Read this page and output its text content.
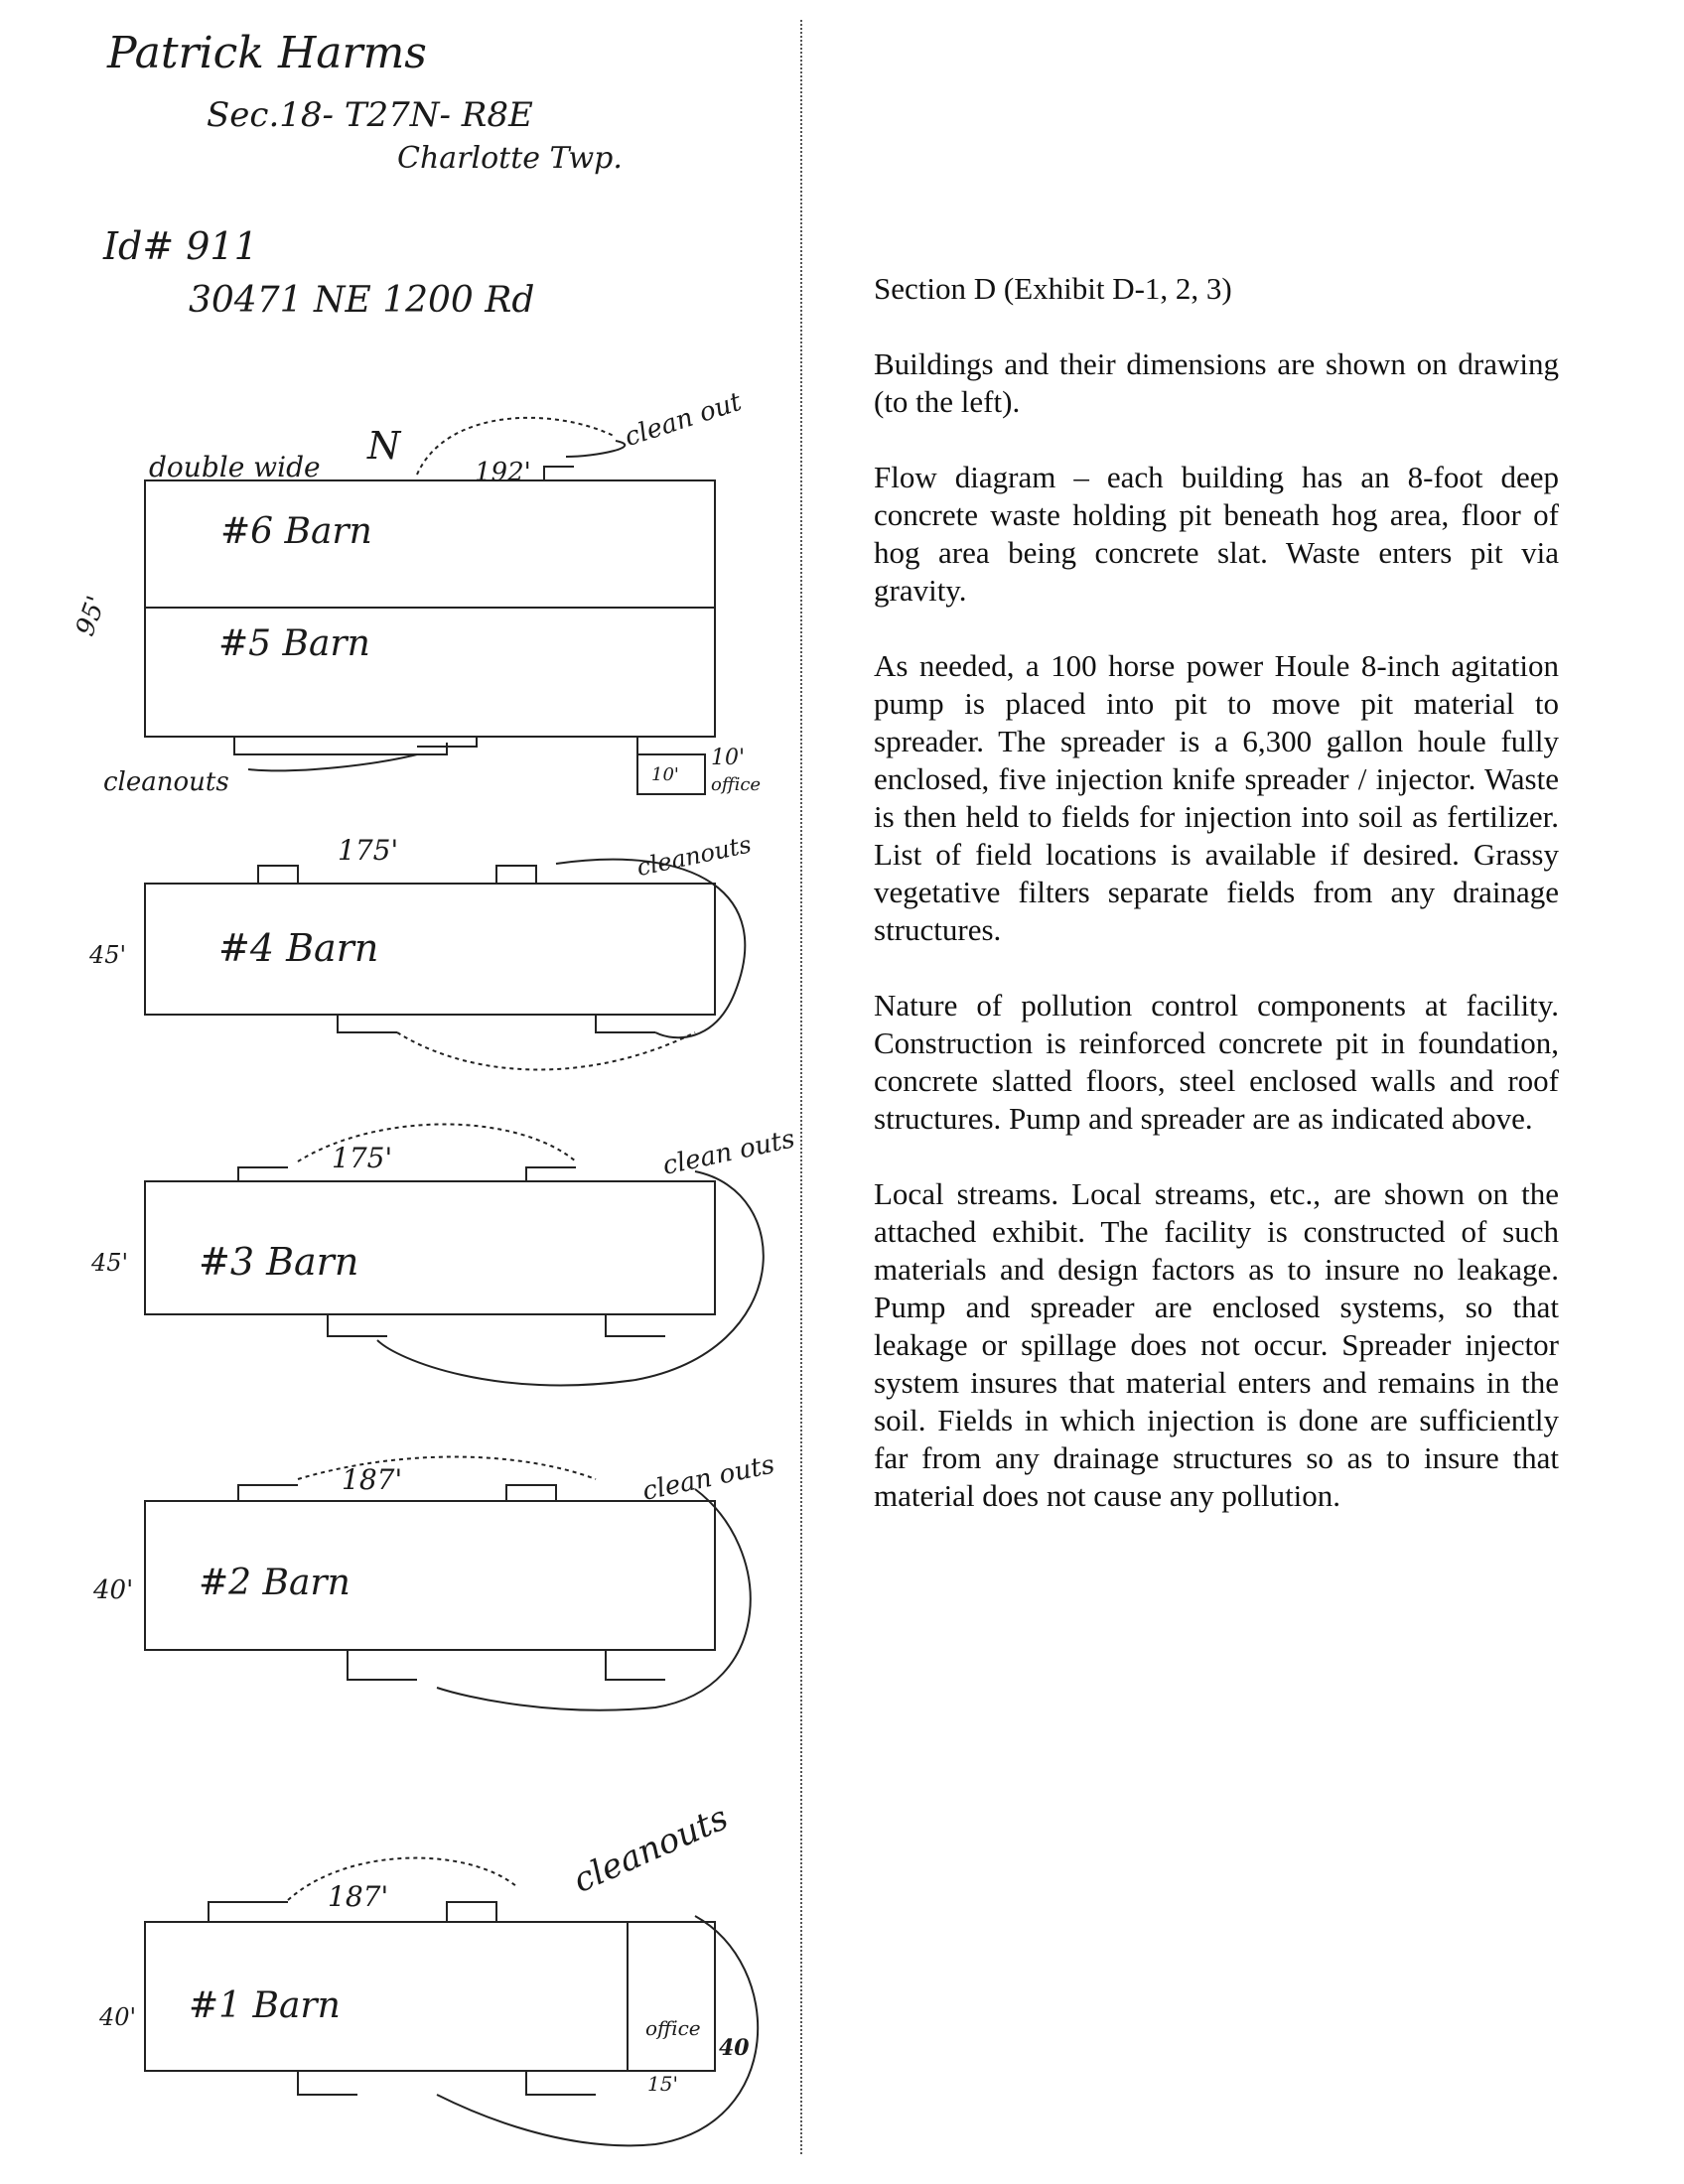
Patrick Harms
Sec.18- T27N- R8E
Charlotte Twp.
Id# 911
30471 NE 1200 Rd
#6 Barn
#5 Barn
192'
95'
double wide N	clean out
cleanouts	10'
10'
office
#4 Barn
175'
45'
cleanouts
#3 Barn
175'
45'
clean outs
#2 Barn
187'
40'
clean outs
#1 Barn
187'
40'
cleanouts
office
40
15'

Section D (Exhibit D-1, 2, 3)

Buildings and their dimensions are shown on drawing (to the left).

Flow diagram – each building has an 8-foot deep concrete waste holding pit beneath hog area, floor of hog area being concrete slat. Waste enters pit via gravity.

As needed, a 100 horse power Houle 8-inch agitation pump is placed into pit to move pit material to spreader. The spreader is a 6,300 gallon houle fully enclosed, five injection knife spreader / injector. Waste is then held to fields for injection into soil as fertilizer. List of field locations is available if desired. Grassy vegetative filters separate fields from any drainage structures.

Nature of pollution control components at facility. Construction is reinforced concrete pit in foundation, concrete slatted floors, steel enclosed walls and roof structures. Pump and spreader are as indicated above.

Local streams. Local streams, etc., are shown on the attached exhibit. The facility is constructed of such materials and design factors as to insure no leakage. Pump and spreader are enclosed systems, so that leakage or spillage does not occur. Spreader injector system insures that material enters and remains in the soil. Fields in which injection is done are sufficiently far from any drainage structures so as to insure that material does not cause any pollution.
